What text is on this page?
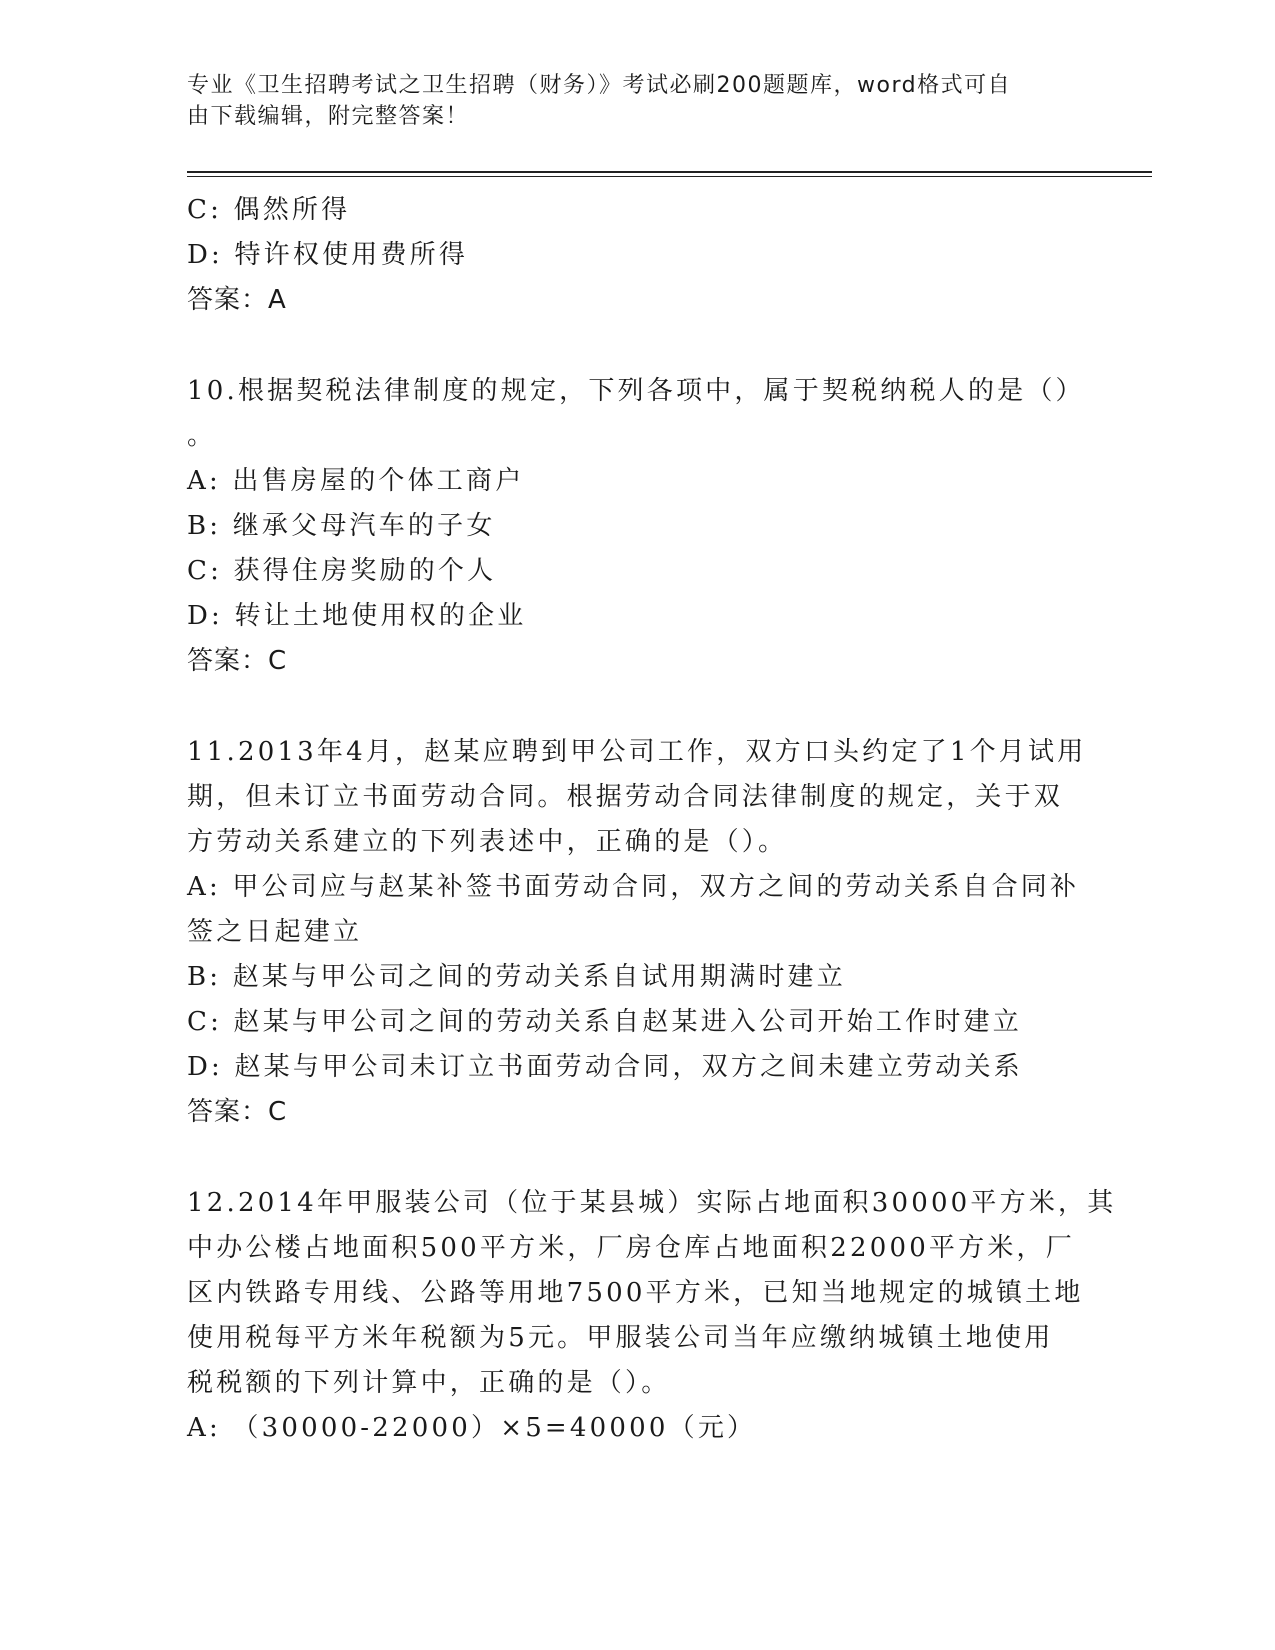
专业《卫生招聘考试之卫生招聘（财务）》考试必刷200题题库，word格式可自
由下载编辑，附完整答案！

C: 偶然所得

D: 特许权使用费所得

答案：A

10.根据契税法律制度的规定，下列各项中，属于契税纳税人的是（）

。

A: 出售房屋的个体工商户

B: 继承父母汽车的子女

C: 获得住房奖励的个人

D: 转让土地使用权的企业

答案：C

11.2013年4月，赵某应聘到甲公司工作，双方口头约定了1个月试用

期，但未订立书面劳动合同。根据劳动合同法律制度的规定，关于双

方劳动关系建立的下列表述中，正确的是（）。

A: 甲公司应与赵某补签书面劳动合同，双方之间的劳动关系自合同补

签之日起建立

B: 赵某与甲公司之间的劳动关系自试用期满时建立

C: 赵某与甲公司之间的劳动关系自赵某进入公司开始工作时建立

D: 赵某与甲公司未订立书面劳动合同，双方之间未建立劳动关系

答案：C

12.2014年甲服装公司（位于某县城）实际占地面积30000平方米，其

中办公楼占地面积500平方米，厂房仓库占地面积22000平方米，厂

区内铁路专用线、公路等用地7500平方米，已知当地规定的城镇土地

使用税每平方米年税额为5元。甲服装公司当年应缴纳城镇土地使用

税税额的下列计算中，正确的是（）。

A: （30000-22000）×5=40000（元）
